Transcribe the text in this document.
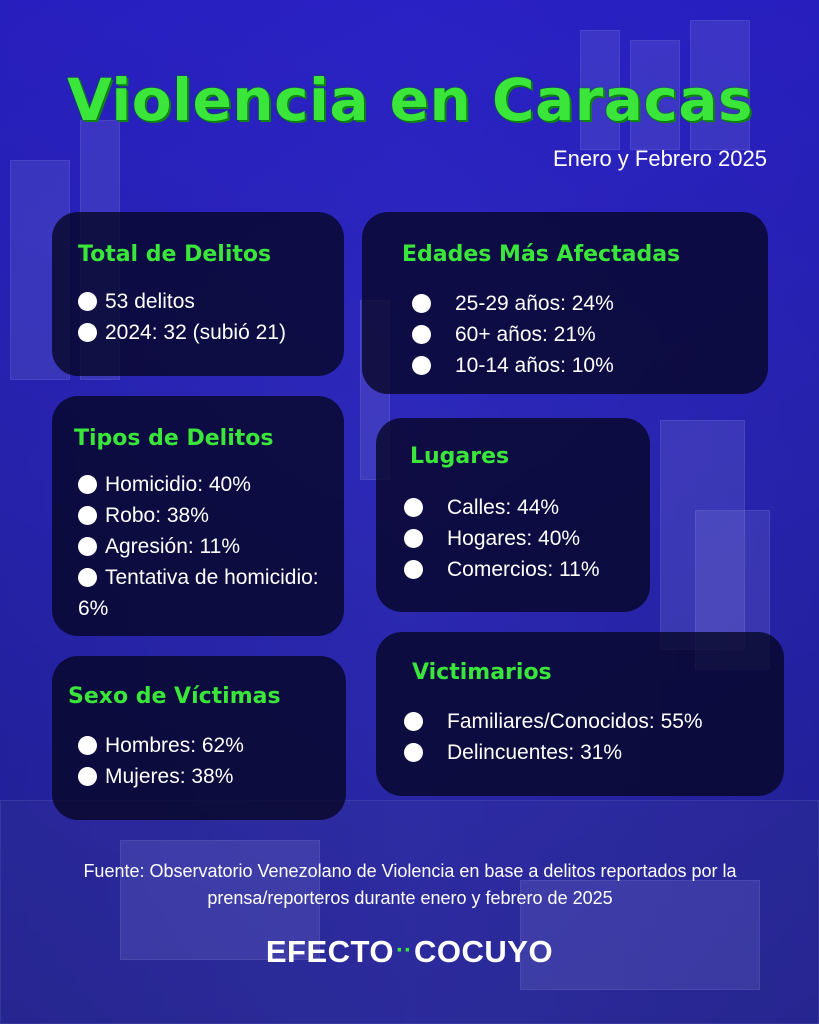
Violencia en Caracas
Enero y Febrero 2025
Total de Delitos
53 delitos
2024: 32 (subió 21)
Edades Más Afectadas
25-29 años: 24%
60+ años: 21%
10-14 años: 10%
Tipos de Delitos
Homicidio: 40%
Robo: 38%
Agresión: 11%
Tentativa de homicidio: 6%
Lugares
Calles: 44%
Hogares: 40%
Comercios: 11%
Sexo de Víctimas
Hombres: 62%
Mujeres: 38%
Victimarios
Familiares/Conocidos: 55%
Delincuentes: 31%

Fuente: Observatorio Venezolano de Violencia en base a delitos reportados por la prensa/reporteros durante enero y febrero de 2025

EFECTO··COCUYO
